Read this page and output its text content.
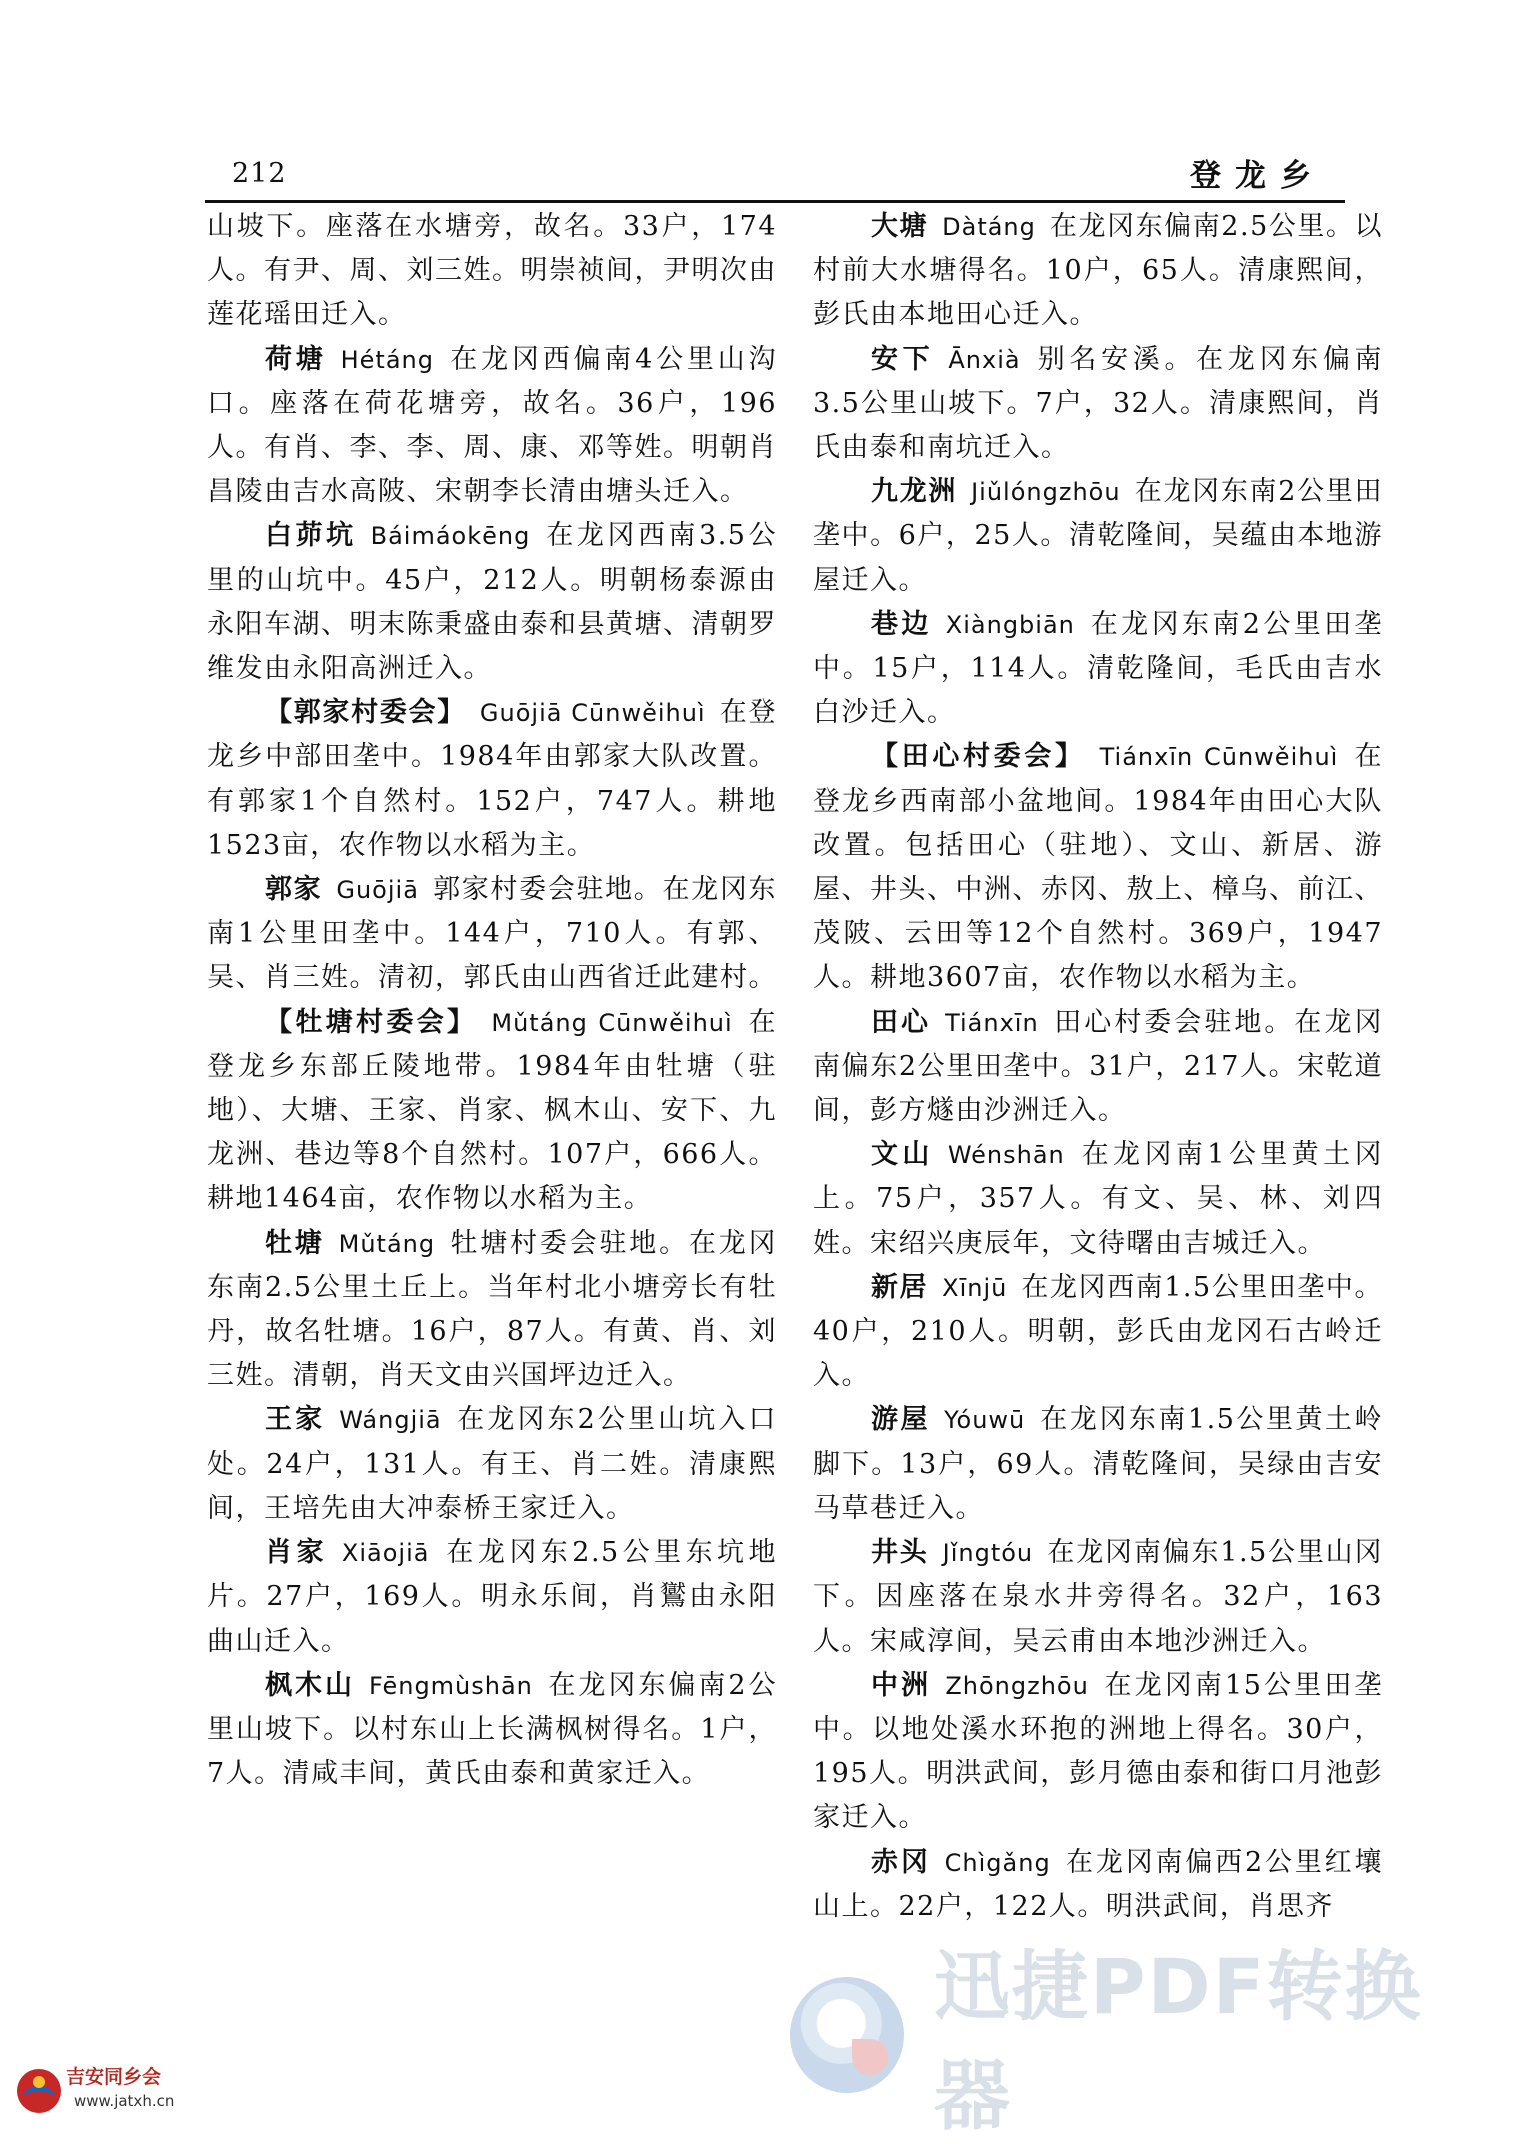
212	登龙乡

山坡下。座落在水塘旁，故名。33户，174人。有尹、周、刘三姓。明崇祯间，尹明次由莲花瑶田迁入。

荷塘 Hétáng 在龙冈西偏南4公里山沟口。座落在荷花塘旁，故名。36户，196人。有肖、李、李、周、康、邓等姓。明朝肖昌陵由吉水高陂、宋朝李长清由塘头迁入。

白茆坑 Báimáokēng 在龙冈西南3.5公里的山坑中。45户，212人。明朝杨泰源由永阳车湖、明末陈秉盛由泰和县黄塘、清朝罗维发由永阳高洲迁入。

【郭家村委会】 Guōjiā Cūnwěihuì 在登龙乡中部田垄中。1984年由郭家大队改置。有郭家1个自然村。152户，747人。耕地1523亩，农作物以水稻为主。

郭家 Guōjiā 郭家村委会驻地。在龙冈东南1公里田垄中。144户，710人。有郭、吴、肖三姓。清初，郭氏由山西省迁此建村。

【牡塘村委会】 Mǔtáng Cūnwěihuì 在登龙乡东部丘陵地带。1984年由牡塘（驻地）、大塘、王家、肖家、枫木山、安下、九龙洲、巷边等8个自然村。107户，666人。耕地1464亩，农作物以水稻为主。

牡塘 Mǔtáng 牡塘村委会驻地。在龙冈东南2.5公里土丘上。当年村北小塘旁长有牡丹，故名牡塘。16户，87人。有黄、肖、刘三姓。清朝，肖天文由兴国坪边迁入。

王家 Wángjiā 在龙冈东2公里山坑入口处。24户，131人。有王、肖二姓。清康熙间，王培先由大冲泰桥王家迁入。

肖家 Xiāojiā 在龙冈东2.5公里东坑地片。27户，169人。明永乐间，肖鸑由永阳曲山迁入。

枫木山 Fēngmùshān 在龙冈东偏南2公里山坡下。以村东山上长满枫树得名。1户，7人。清咸丰间，黄氏由泰和黄家迁入。

大塘 Dàtáng 在龙冈东偏南2.5公里。以村前大水塘得名。10户，65人。清康熙间，彭氏由本地田心迁入。

安下 Ānxià 别名安溪。在龙冈东偏南3.5公里山坡下。7户，32人。清康熙间，肖氏由泰和南坑迁入。

九龙洲 Jiǔlóngzhōu 在龙冈东南2公里田垄中。6户，25人。清乾隆间，吴蕴由本地游屋迁入。

巷边 Xiàngbiān 在龙冈东南2公里田垄中。15户，114人。清乾隆间，毛氏由吉水白沙迁入。

【田心村委会】 Tiánxīn Cūnwěihuì 在登龙乡西南部小盆地间。1984年由田心大队改置。包括田心（驻地）、文山、新居、游屋、井头、中洲、赤冈、敖上、樟乌、前江、茂陂、云田等12个自然村。369户，1947人。耕地3607亩，农作物以水稻为主。

田心 Tiánxīn 田心村委会驻地。在龙冈南偏东2公里田垄中。31户，217人。宋乾道间，彭方燧由沙洲迁入。

文山 Wénshān 在龙冈南1公里黄土冈上。75户，357人。有文、吴、林、刘四姓。宋绍兴庚辰年，文待曙由吉城迁入。

新居 Xīnjū 在龙冈西南1.5公里田垄中。40户，210人。明朝，彭氏由龙冈石古岭迁入。

游屋 Yóuwū 在龙冈东南1.5公里黄土岭脚下。13户，69人。清乾隆间，吴绿由吉安马草巷迁入。

井头 Jǐngtóu 在龙冈南偏东1.5公里山冈下。因座落在泉水井旁得名。32户，163人。宋咸淳间，吴云甫由本地沙洲迁入。

中洲 Zhōngzhōu 在龙冈南15公里田垄中。以地处溪水环抱的洲地上得名。30户，195人。明洪武间，彭月德由泰和街口月池彭家迁入。

赤冈 Chìgǎng 在龙冈南偏西2公里红壤山上。22户，122人。明洪武间，肖思齐

迅捷PDF转换器
吉安同乡会
www.jatxh.cn
